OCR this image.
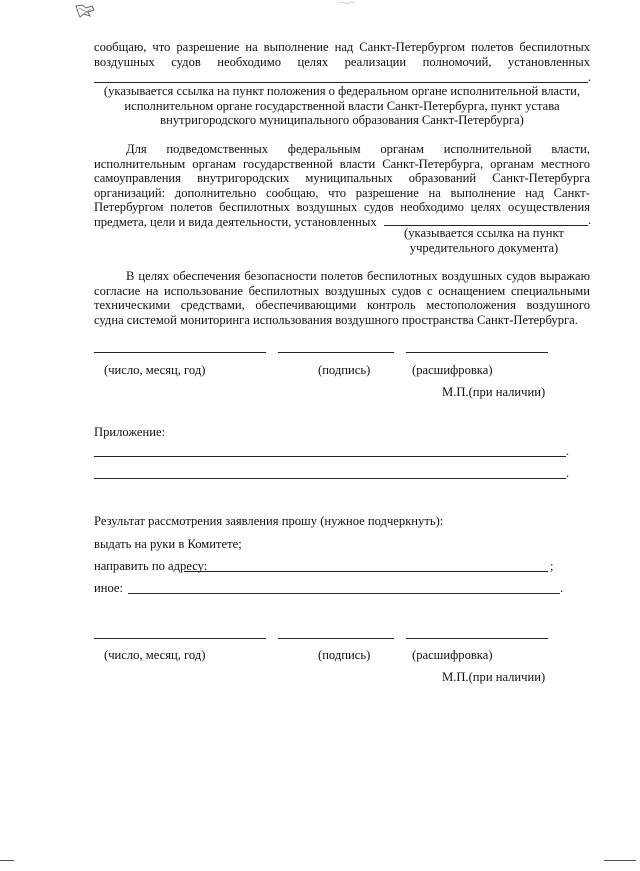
сообщаю, что разрешение на выполнение над Санкт-Петербургом полетов беспилотных
воздушных судов необходимо целях реализации полномочий, установленных
.
(указывается ссылка на пункт положения о федеральном органе исполнительной власти,
исполнительном органе государственной власти Санкт-Петербурга, пункт устава
внутригородского муниципального образования Санкт-Петербурга)
Для подведомственных федеральным органам исполнительной власти,
исполнительным органам государственной власти Санкт-Петербурга, органам местного
самоуправления внутригородских муниципальных образований Санкт-Петербурга
организаций: дополнительно сообщаю, что разрешение на выполнение над Санкт-
Петербургом полетов беспилотных воздушных судов необходимо целях осуществления
предмета, цели и вида деятельности, установленных	.
(указывается ссылка на пункт
учредительного документа)
В целях обеспечения безопасности полетов беспилотных воздушных судов выражаю
согласие на использование беспилотных воздушных судов с оснащением специальными
техническими средствами, обеспечивающими контроль местоположения воздушного
судна системой мониторинга использования воздушного пространства Санкт-Петербурга.
(число, месяц, год)	(подпись)	(расшифровка)
М.П.(при наличии)
Приложение:
.
.
Результат рассмотрения заявления прошу (нужное подчеркнуть):
выдать на руки в Комитете;
направить по адресу:	;
иное:	.
(число, месяц, год)	(подпись)	(расшифровка)
М.П.(при наличии)
